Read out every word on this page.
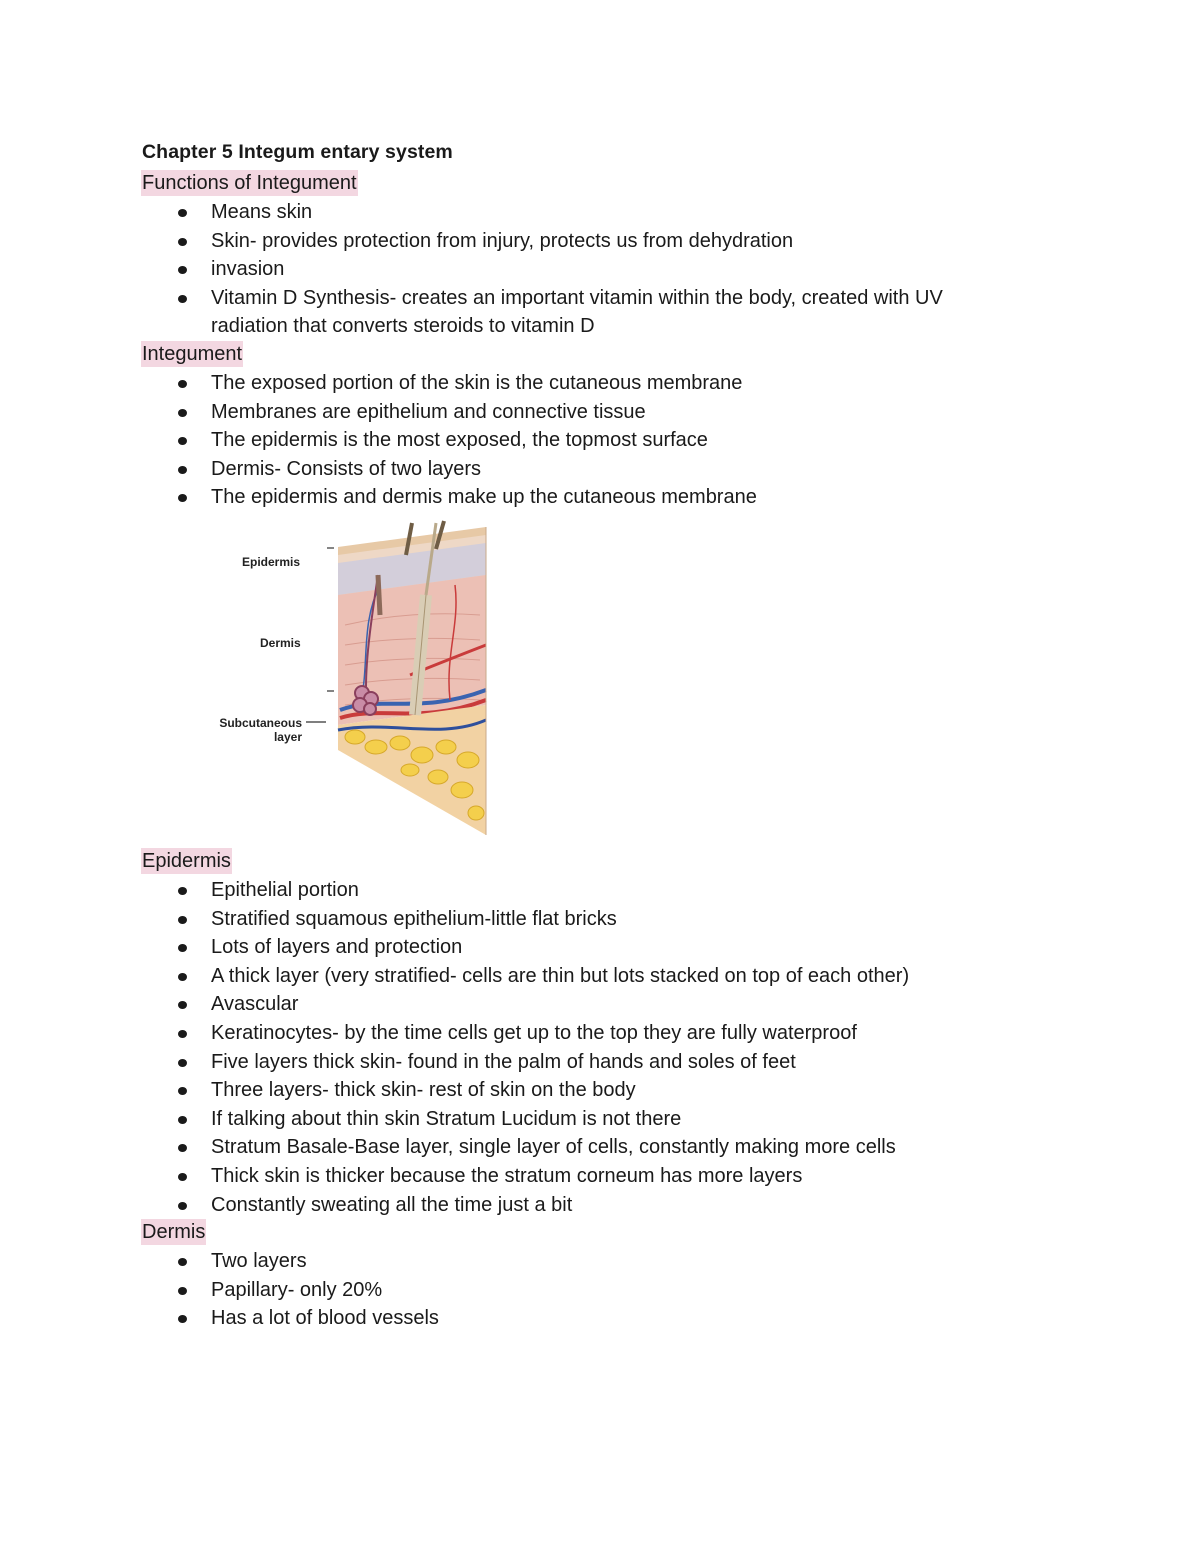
Chapter 5 Integum entary system
Functions of Integument
Means skin
Skin- provides protection from injury, protects us from dehydration
invasion
Vitamin D Synthesis- creates an important vitamin within the body, created with UV radiation that converts steroids to vitamin D
Integument
The exposed portion of the skin is the cutaneous membrane
Membranes are epithelium and connective tissue
The epidermis is the most exposed, the topmost surface
Dermis- Consists of two layers
The epidermis and dermis make up the cutaneous membrane
Epidermis
Dermis
Subcutaneous
layer
Epidermis
Epithelial portion
Stratified squamous epithelium-little flat bricks
Lots of layers and protection
A thick layer (very stratified- cells are thin but lots stacked on top of each other)
Avascular
Keratinocytes- by the time cells get up to the top they are fully waterproof
Five layers thick skin- found in the palm of hands and soles of feet
Three layers- thick skin- rest of skin on the body
If talking about thin skin Stratum Lucidum is not there
Stratum Basale-Base layer, single layer of cells, constantly making more cells
Thick skin is thicker because the stratum corneum has more layers
Constantly sweating all the time just a bit
Dermis
Two layers
Papillary- only 20%
Has a lot of blood vessels
